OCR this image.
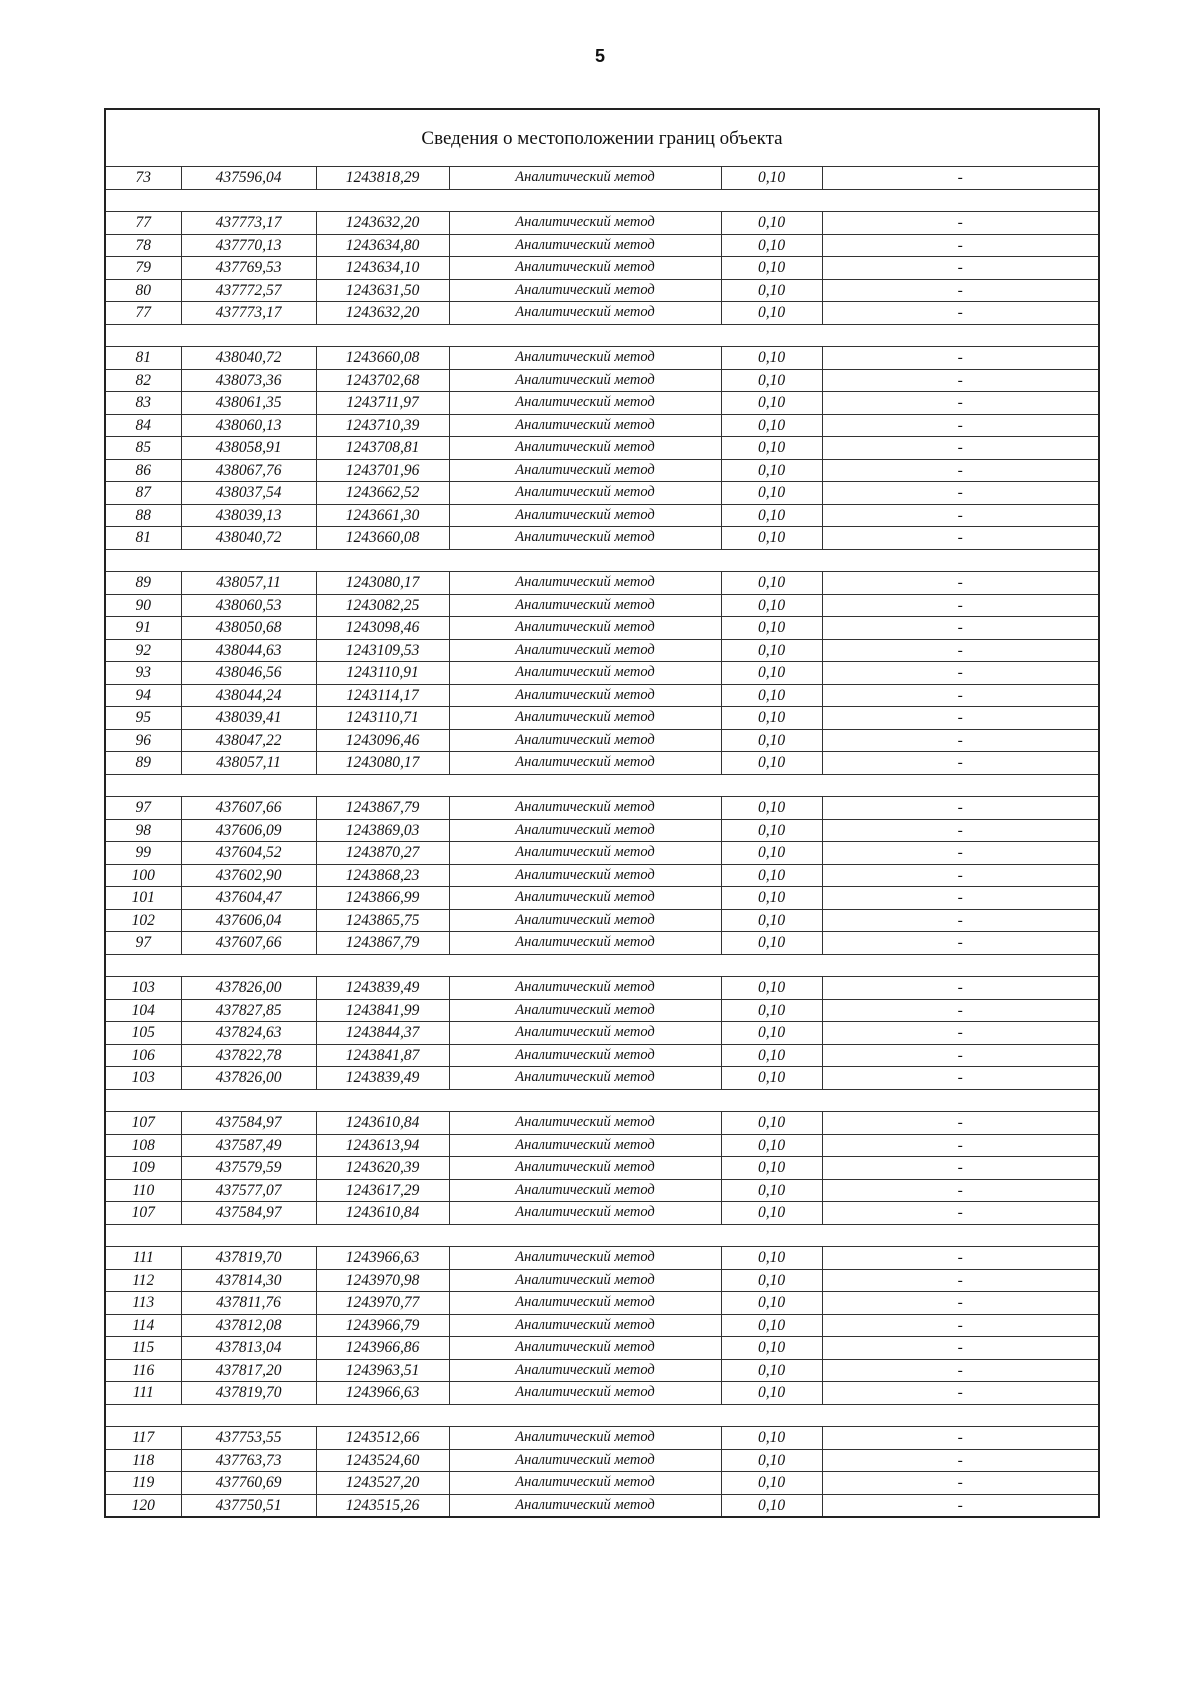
5
Сведения о местоположении границ объекта					
73	437596,04	1243818,29	Аналитический метод	0,10	-

77	437773,17	1243632,20	Аналитический метод	0,10	-
78	437770,13	1243634,80	Аналитический метод	0,10	-
79	437769,53	1243634,10	Аналитический метод	0,10	-
80	437772,57	1243631,50	Аналитический метод	0,10	-
77	437773,17	1243632,20	Аналитический метод	0,10	-

81	438040,72	1243660,08	Аналитический метод	0,10	-
82	438073,36	1243702,68	Аналитический метод	0,10	-
83	438061,35	1243711,97	Аналитический метод	0,10	-
84	438060,13	1243710,39	Аналитический метод	0,10	-
85	438058,91	1243708,81	Аналитический метод	0,10	-
86	438067,76	1243701,96	Аналитический метод	0,10	-
87	438037,54	1243662,52	Аналитический метод	0,10	-
88	438039,13	1243661,30	Аналитический метод	0,10	-
81	438040,72	1243660,08	Аналитический метод	0,10	-

89	438057,11	1243080,17	Аналитический метод	0,10	-
90	438060,53	1243082,25	Аналитический метод	0,10	-
91	438050,68	1243098,46	Аналитический метод	0,10	-
92	438044,63	1243109,53	Аналитический метод	0,10	-
93	438046,56	1243110,91	Аналитический метод	0,10	-
94	438044,24	1243114,17	Аналитический метод	0,10	-
95	438039,41	1243110,71	Аналитический метод	0,10	-
96	438047,22	1243096,46	Аналитический метод	0,10	-
89	438057,11	1243080,17	Аналитический метод	0,10	-

97	437607,66	1243867,79	Аналитический метод	0,10	-
98	437606,09	1243869,03	Аналитический метод	0,10	-
99	437604,52	1243870,27	Аналитический метод	0,10	-
100	437602,90	1243868,23	Аналитический метод	0,10	-
101	437604,47	1243866,99	Аналитический метод	0,10	-
102	437606,04	1243865,75	Аналитический метод	0,10	-
97	437607,66	1243867,79	Аналитический метод	0,10	-

103	437826,00	1243839,49	Аналитический метод	0,10	-
104	437827,85	1243841,99	Аналитический метод	0,10	-
105	437824,63	1243844,37	Аналитический метод	0,10	-
106	437822,78	1243841,87	Аналитический метод	0,10	-
103	437826,00	1243839,49	Аналитический метод	0,10	-

107	437584,97	1243610,84	Аналитический метод	0,10	-
108	437587,49	1243613,94	Аналитический метод	0,10	-
109	437579,59	1243620,39	Аналитический метод	0,10	-
110	437577,07	1243617,29	Аналитический метод	0,10	-
107	437584,97	1243610,84	Аналитический метод	0,10	-

111	437819,70	1243966,63	Аналитический метод	0,10	-
112	437814,30	1243970,98	Аналитический метод	0,10	-
113	437811,76	1243970,77	Аналитический метод	0,10	-
114	437812,08	1243966,79	Аналитический метод	0,10	-
115	437813,04	1243966,86	Аналитический метод	0,10	-
116	437817,20	1243963,51	Аналитический метод	0,10	-
111	437819,70	1243966,63	Аналитический метод	0,10	-

117	437753,55	1243512,66	Аналитический метод	0,10	-
118	437763,73	1243524,60	Аналитический метод	0,10	-
119	437760,69	1243527,20	Аналитический метод	0,10	-
120	437750,51	1243515,26	Аналитический метод	0,10	-
